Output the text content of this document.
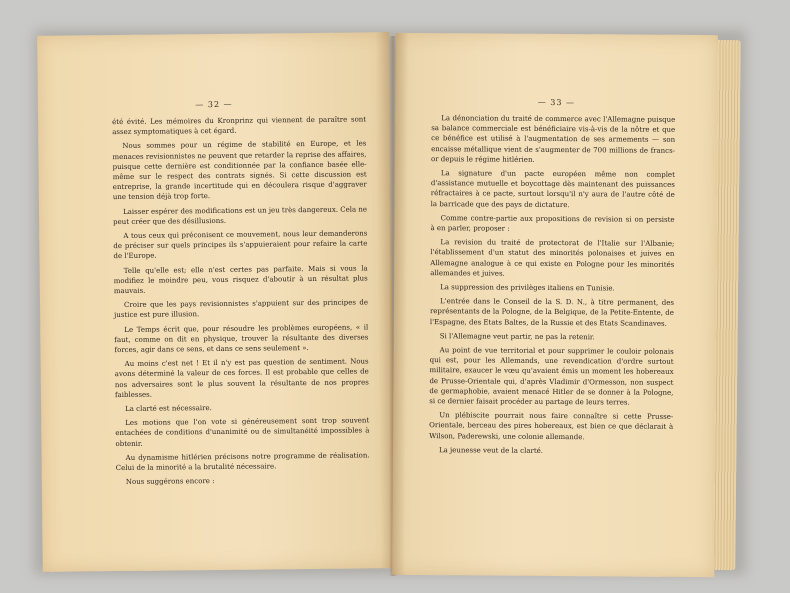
— 32 —

été évité. Les mémoires du Kronprinz qui viennent de paraître sont assez symptomatiques à cet égard.

Nous sommes pour un régime de stabilité en Europe, et les menaces revisionnistes ne peuvent que retarder la reprise des affaires, puisque cette dernière est conditionnée par la confiance basée elle-même sur le respect des contrats signés. Si cette discussion est entreprise, la grande incertitude qui en découlera risque d'aggraver une tension déjà trop forte.

Laisser espérer des modifications est un jeu très dangereux. Cela ne peut créer que des désillusions.

A tous ceux qui préconisent ce mouvement, nous leur demanderons de préciser sur quels principes ils s'appuieraient pour refaire la carte de l'Europe.

Telle qu'elle est; elle n'est certes pas parfaite. Mais si vous la modifiez le moindre peu, vous risquez d'aboutir à un résultat plus mauvais.

Croire que les pays revisionnistes s'appuient sur des principes de justice est pure illusion.

Le Temps écrit que, pour résoudre les problèmes européens, « il faut, comme on dit en physique, trouver la résultante des diverses forces, agir dans ce sens, et dans ce sens seulement ».

Au moins c'est net ! Et il n'y est pas question de sentiment. Nous avons déterminé la valeur de ces forces. Il est probable que celles de nos adversaires sont le plus souvent la résultante de nos propres faiblesses.

La clarté est nécessaire.

Les motions que l'on vote si généreusement sont trop souvent entachées de conditions d'unanimité ou de simultanéité impossibles à obtenir.

Au dynamisme hitlérien précisons notre programme de réalisation. Celui de la minorité a la brutalité nécessaire.

Nous suggérons encore :

— 33 —

La dénonciation du traité de commerce avec l'Allemagne puisque sa balance commerciale est bénéficiaire vis-à-vis de la nôtre et que ce bénéfice est utilisé à l'augmentation de ses armements — son encaisse métallique vient de s'augmenter de 700 millions de francs-or depuis le régime hitlérien.

La signature d'un pacte européen même non complet d'assistance mutuelle et boycottage dès maintenant des puissances réfractaires à ce pacte, surtout lorsqu'il n'y aura de l'autre côté de la barricade que des pays de dictature.

Comme contre-partie aux propositions de revision si on persiste à en parler, proposer :

La revision du traité de protectorat de l'Italie sur l'Albanie; l'établissement d'un statut des minorités polonaises et juives en Allemagne analogue à ce qui existe en Pologne pour les minorités allemandes et juives.

La suppression des privilèges italiens en Tunisie.

L'entrée dans le Conseil de la S. D. N., à titre permanent, des représentants de la Pologne, de la Belgique, de la Petite-Entente, de l'Espagne, des Etats Baltes, de la Russie et des Etats Scandinaves.

Si l'Allemagne veut partir, ne pas la retenir.

Au point de vue territorial et pour supprimer le couloir polonais qui est, pour les Allemands, une revendication d'ordre surtout militaire, exaucer le vœu qu'avaient émis un moment les hobereaux de Prusse-Orientale qui, d'après Vladimir d'Ormesson, non suspect de germaphobie, avaient menacé Hitler de se donner à la Pologne, si ce dernier faisait procéder au partage de leurs terres.

Un plébiscite pourrait nous faire connaître si cette Prusse-Orientale, berceau des pires hobereaux, est bien ce que déclarait à Wilson, Paderewski, une colonie allemande.

La jeunesse veut de la clarté.
